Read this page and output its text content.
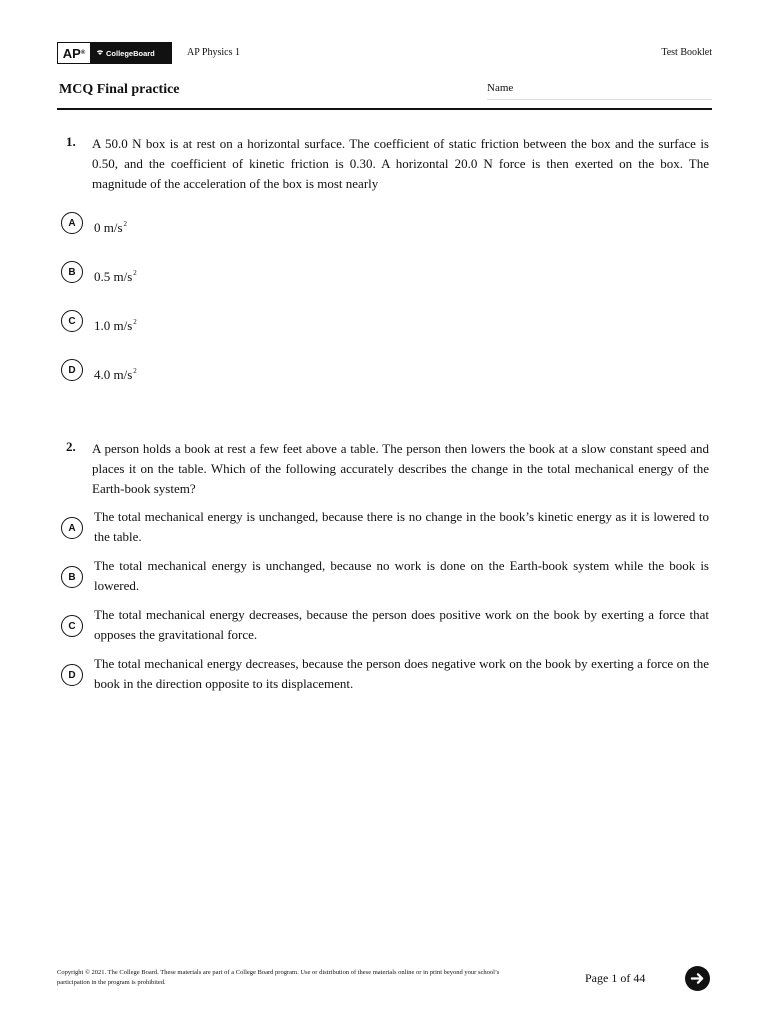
AP ®	CollegeBoard	AP Physics 1	Test Booklet
MCQ Final practice	Name
1. A 50.0 N box is at rest on a horizontal surface. The coefficient of static friction between the box and the surface is 0.50, and the coefficient of kinetic friction is 0.30. A horizontal 20.0 N force is then exerted on the box. The magnitude of the acceleration of the box is most nearly
A	0 $m/s^2$
B	0.5 $m/s^2$
C	1.0 $m/s^2$
D	4.0 $m/s^2$
2. A person holds a book at rest a few feet above a table. The person then lowers the book at a slow constant speed and places it on the table. Which of the following accurately describes the change in the total mechanical energy of the Earth-book system?
A
The total mechanical energy is unchanged, because there is no change in the book’s kinetic energy as it is lowered to the table.
B
The total mechanical energy is unchanged, because no work is done on the Earth-book system while the book is lowered.
C
The total mechanical energy decreases, because the person does positive work on the book by exerting a force that opposes the gravitational force.
D
The total mechanical energy decreases, because the person does negative work on the book by exerting a force on the book in the direction opposite to its displacement.
Copyright © 2021. The College Board. These materials are part of a College Board program. Use or distribution of these materials online or in print beyond your school’s participation in the program is prohibited.	Page 1 of 44
